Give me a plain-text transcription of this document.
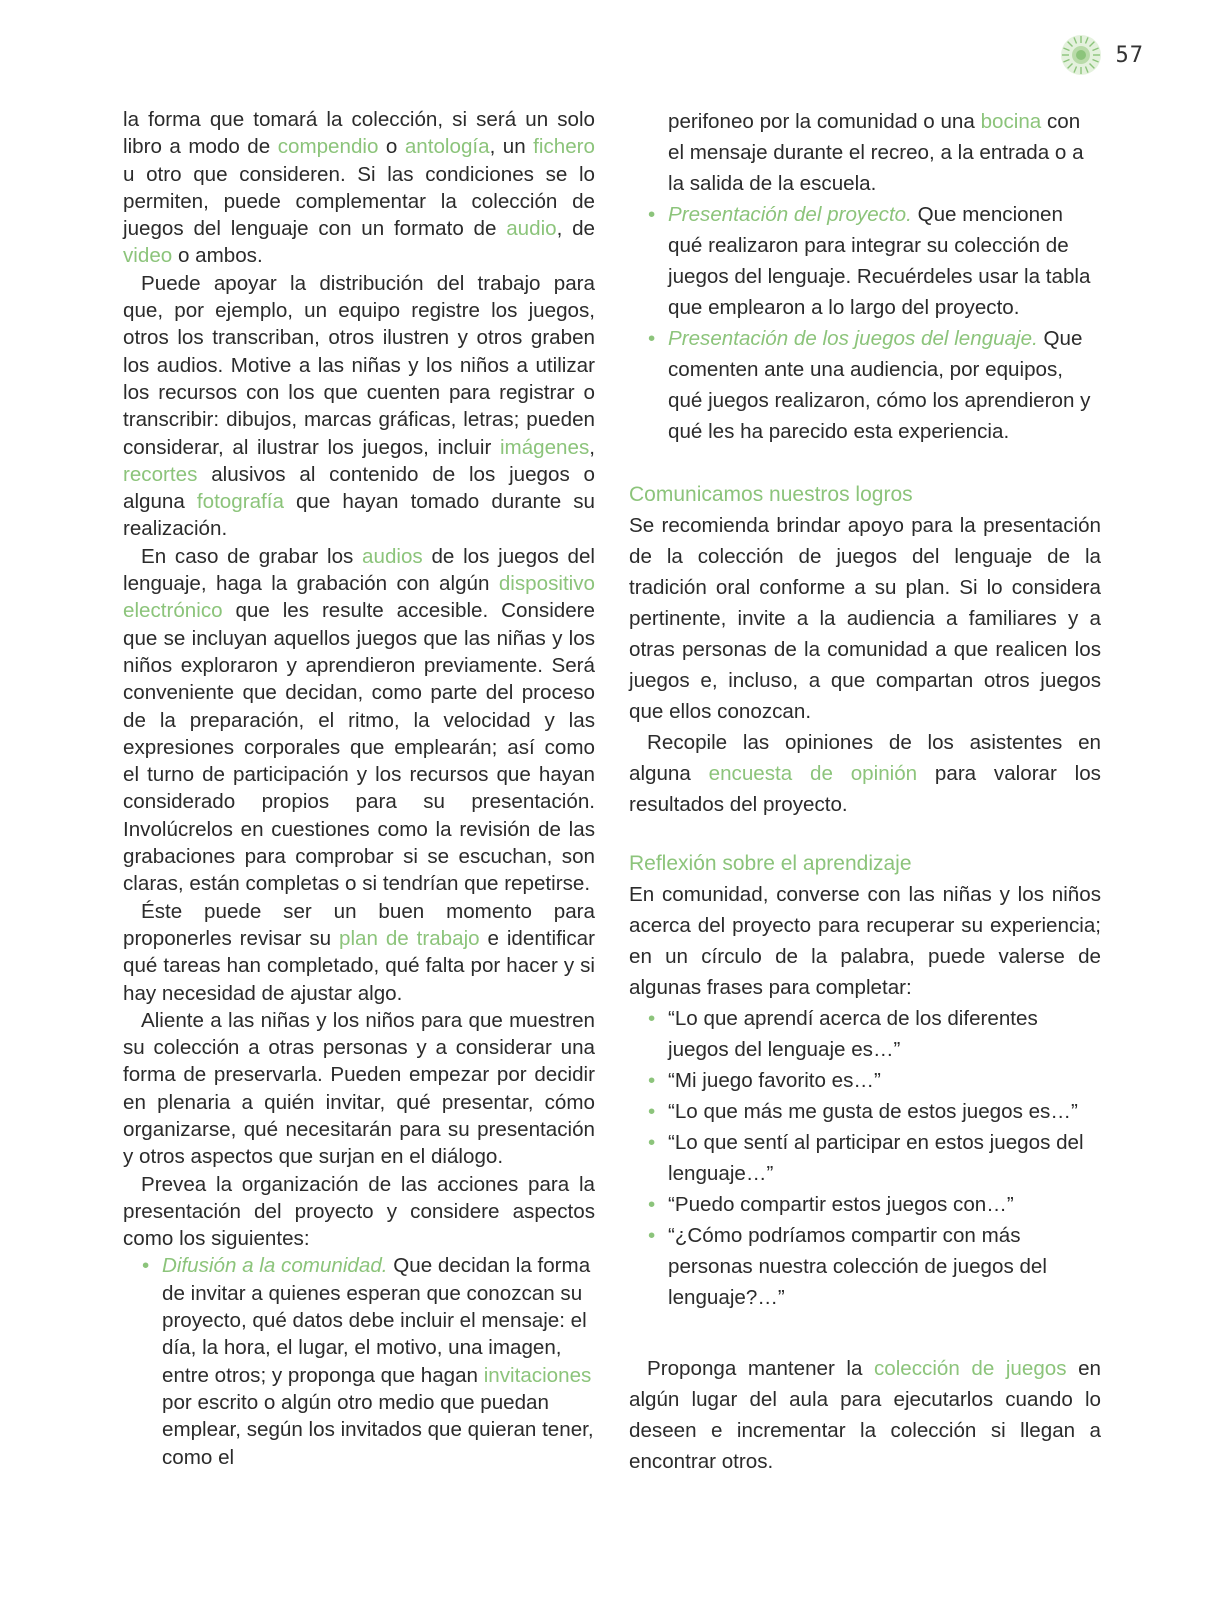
57

la forma que tomará la colección, si será un solo libro a modo de compendio o antología, un fichero u otro que consideren. Si las condiciones se lo permiten, puede complementar la colección de juegos del lenguaje con un formato de audio, de video o ambos.

Puede apoyar la distribución del trabajo para que, por ejemplo, un equipo registre los juegos, otros los transcriban, otros ilustren y otros graben los audios. Motive a las niñas y los niños a utilizar los recursos con los que cuenten para registrar o transcribir: dibujos, marcas gráficas, letras; pueden considerar, al ilustrar los juegos, incluir imágenes, recortes alusivos al contenido de los juegos o alguna fotografía que hayan tomado durante su realización.

En caso de grabar los audios de los juegos del lenguaje, haga la grabación con algún dispositivo electrónico que les resulte accesible. Considere que se incluyan aquellos juegos que las niñas y los niños exploraron y aprendieron previamente. Será conveniente que decidan, como parte del proceso de la preparación, el ritmo, la velocidad y las expresiones corporales que emplearán; así como el turno de participación y los recursos que hayan considerado propios para su presentación. Involúcrelos en cuestiones como la revisión de las grabaciones para comprobar si se escuchan, son claras, están completas o si tendrían que repetirse.

Éste puede ser un buen momento para proponerles revisar su plan de trabajo e identificar qué tareas han completado, qué falta por hacer y si hay necesidad de ajustar algo.

Aliente a las niñas y los niños para que muestren su colección a otras personas y a considerar una forma de preservarla. Pueden empezar por decidir en plenaria a quién invitar, qué presentar, cómo organizarse, qué necesitarán para su presentación y otros aspectos que surjan en el diálogo.

Prevea la organización de las acciones para la presentación del proyecto y considere aspectos como los siguientes:

• Difusión a la comunidad. Que decidan la forma de invitar a quienes esperan que conozcan su proyecto, qué datos debe incluir el mensaje: el día, la hora, el lugar, el motivo, una imagen, entre otros; y proponga que hagan invitaciones por escrito o algún otro medio que puedan emplear, según los invitados que quieran tener, como el
perifoneo por la comunidad o una bocina con el mensaje durante el recreo, a la entrada o a la salida de la escuela.
• Presentación del proyecto. Que mencionen qué realizaron para integrar su colección de juegos del lenguaje. Recuérdeles usar la tabla que emplearon a lo largo del proyecto.
• Presentación de los juegos del lenguaje. Que comenten ante una audiencia, por equipos, qué juegos realizaron, cómo los aprendieron y qué les ha parecido esta experiencia.
Comunicamos nuestros logros

Se recomienda brindar apoyo para la presentación de la colección de juegos del lenguaje de la tradición oral conforme a su plan. Si lo considera pertinente, invite a la audiencia a familiares y a otras personas de la comunidad a que realicen los juegos e, incluso, a que compartan otros juegos que ellos conozcan.

Recopile las opiniones de los asistentes en alguna encuesta de opinión para valorar los resultados del proyecto.

Reflexión sobre el aprendizaje

En comunidad, converse con las niñas y los niños acerca del proyecto para recuperar su experiencia; en un círculo de la palabra, puede valerse de algunas frases para completar:

• “Lo que aprendí acerca de los diferentes juegos del lenguaje es…”
• “Mi juego favorito es…”
• “Lo que más me gusta de estos juegos es…”
• “Lo que sentí al participar en estos juegos del lenguaje…”
• “Puedo compartir estos juegos con…”
• “¿Cómo podríamos compartir con más personas nuestra colección de juegos del lenguaje?…”

Proponga mantener la colección de juegos en algún lugar del aula para ejecutarlos cuando lo deseen e incrementar la colección si llegan a encontrar otros.
